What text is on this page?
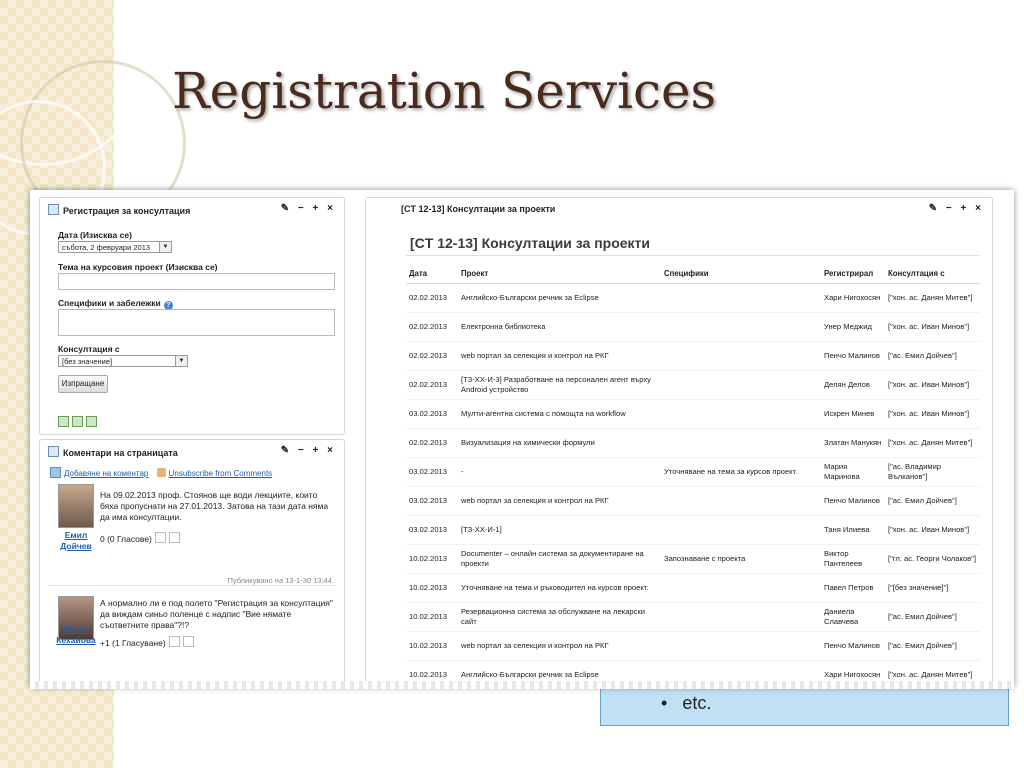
Registration Services
•   etc.
Регистрация за консултация	✎ − + ×
Дата (Изисква се)
събота, 2 февруари 2013	▼
Тема на курсовия проект (Изисква се)
Специфики и забележки ?
Консултация с
[без значение]	▼
Изпращане
Коментари на страницата	✎ − + ×
Добавяне на коментар	Unsubscribe from Comments
Емил Дойчев
На 09.02.2013 проф. Стоянов ще води лекциите, които бяха пропуснати на 27.01.2013. Затова на тази дата няма да има консултации.
0 (0 Гласове)
Публикувано на 13-1-30 13:44.
Ирена Кехайова
А нормално ли е под полето "Регистрация за консултация" да виждам синьо поленце с надпис "Вие нямате съответните права"?!?
+1 (1 Гласуване)
[CT 12-13] Консултации за проекти	✎ − + ×
[CT 12-13] Консултации за проекти
Дата	Проект	Специфики	Регистрирал	Консултация с
02.02.2013	Английско-Български речник за Eclipse		Хари Нигохосян	["хон. ас. Данян Митев"]
02.02.2013	Електронна библиотека		Унер Меджид	["хон. ас. Иван Минов"]
02.02.2013	web портал за селекция и контрол на РКГ		Пенчо Малинов	["ас. Емил Дойчев"]
02.02.2013	[ТЗ-ХХ-И-3] Разработване на персонален агент върху Android устройство		Делян Делов	["хон. ас. Иван Минов"]
03.02.2013	Мулти-агентна система с помощта на workflow		Искрен Минев	["хон. ас. Иван Минов"]
02.02.2013	Визуализация на химически формули		Златан Манукян	["хон. ас. Данян Митев"]
03.02.2013	-	Уточняване на тема за курсов проект.	Мария Маринова	["ас. Владимир Вълканов"]
03.02.2013	web портал за селекция и контрол на РКГ		Пенчо Малинов	["ас. Емил Дойчев"]
03.02.2013	[ТЗ-ХХ-И-1]		Таня Илиева	["хон. ас. Иван Минов"]
10.02.2013	Documenter – онлайн система за документиране на проекти	Запознаване с проекта	Виктор Пантелеев	["гл. ас. Георги Чолаков"]
10.02.2013	Уточняване на тема и ръководител на курсов проект.		Павел Петров	["[без значение]"]
10.02.2013	Резервационна система за обслужване на лекарски сайт		Даниела Славчева	["ас. Емил Дойчев"]
10.02.2013	web портал за селекция и контрол на РКГ		Пенчо Малинов	["ас. Емил Дойчев"]
10.02.2013	Английско-Български речник за Eclipse		Хари Нигохосян	["хон. ас. Данян Митев"]
